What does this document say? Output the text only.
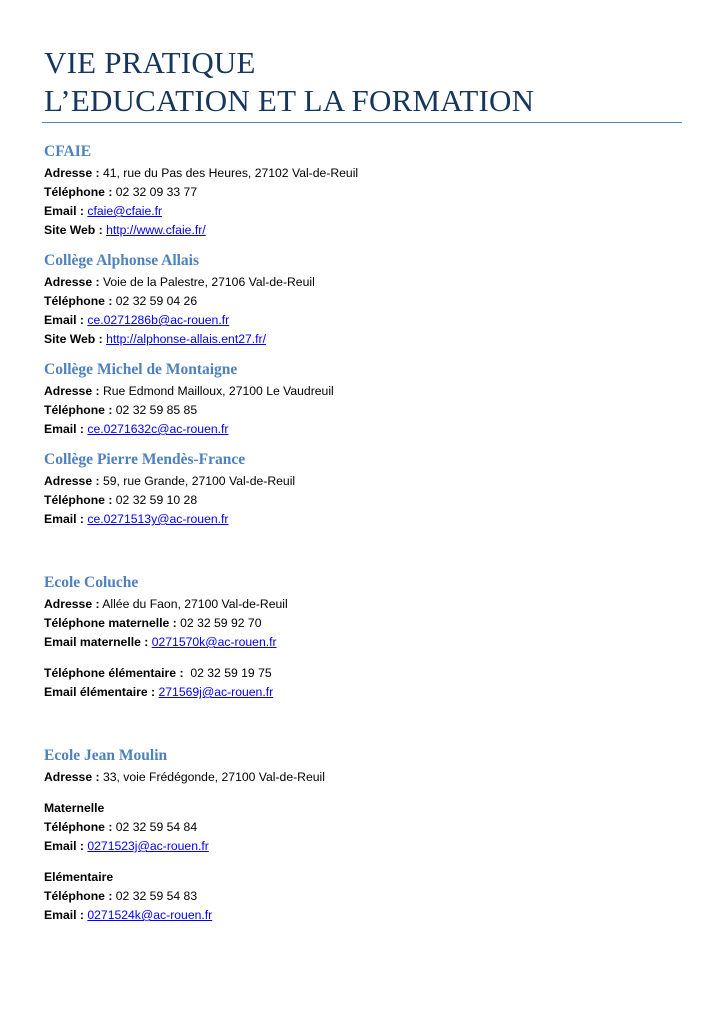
VIE PRATIQUE
L’EDUCATION ET LA FORMATION
CFAIE
Adresse : 41, rue du Pas des Heures, 27102 Val-de-Reuil
Téléphone : 02 32 09 33 77
Email : cfaie@cfaie.fr
Site Web : http://www.cfaie.fr/
Collège Alphonse Allais
Adresse : Voie de la Palestre, 27106 Val-de-Reuil
Téléphone : 02 32 59 04 26
Email : ce.0271286b@ac-rouen.fr
Site Web : http://alphonse-allais.ent27.fr/
Collège Michel de Montaigne
Adresse : Rue Edmond Mailloux, 27100 Le Vaudreuil
Téléphone : 02 32 59 85 85
Email : ce.0271632c@ac-rouen.fr
Collège Pierre Mendès-France
Adresse : 59, rue Grande, 27100 Val-de-Reuil
Téléphone : 02 32 59 10 28
Email : ce.0271513y@ac-rouen.fr
Ecole Coluche
Adresse : Allée du Faon, 27100 Val-de-Reuil
Téléphone maternelle : 02 32 59 92 70
Email maternelle : 0271570k@ac-rouen.fr
Téléphone élémentaire : 02 32 59 19 75
Email élémentaire : 271569j@ac-rouen.fr
Ecole Jean Moulin
Adresse : 33, voie Frédégonde, 27100 Val-de-Reuil
Maternelle
Téléphone : 02 32 59 54 84
Email : 0271523j@ac-rouen.fr
Elémentaire
Téléphone : 02 32 59 54 83
Email : 0271524k@ac-rouen.fr
